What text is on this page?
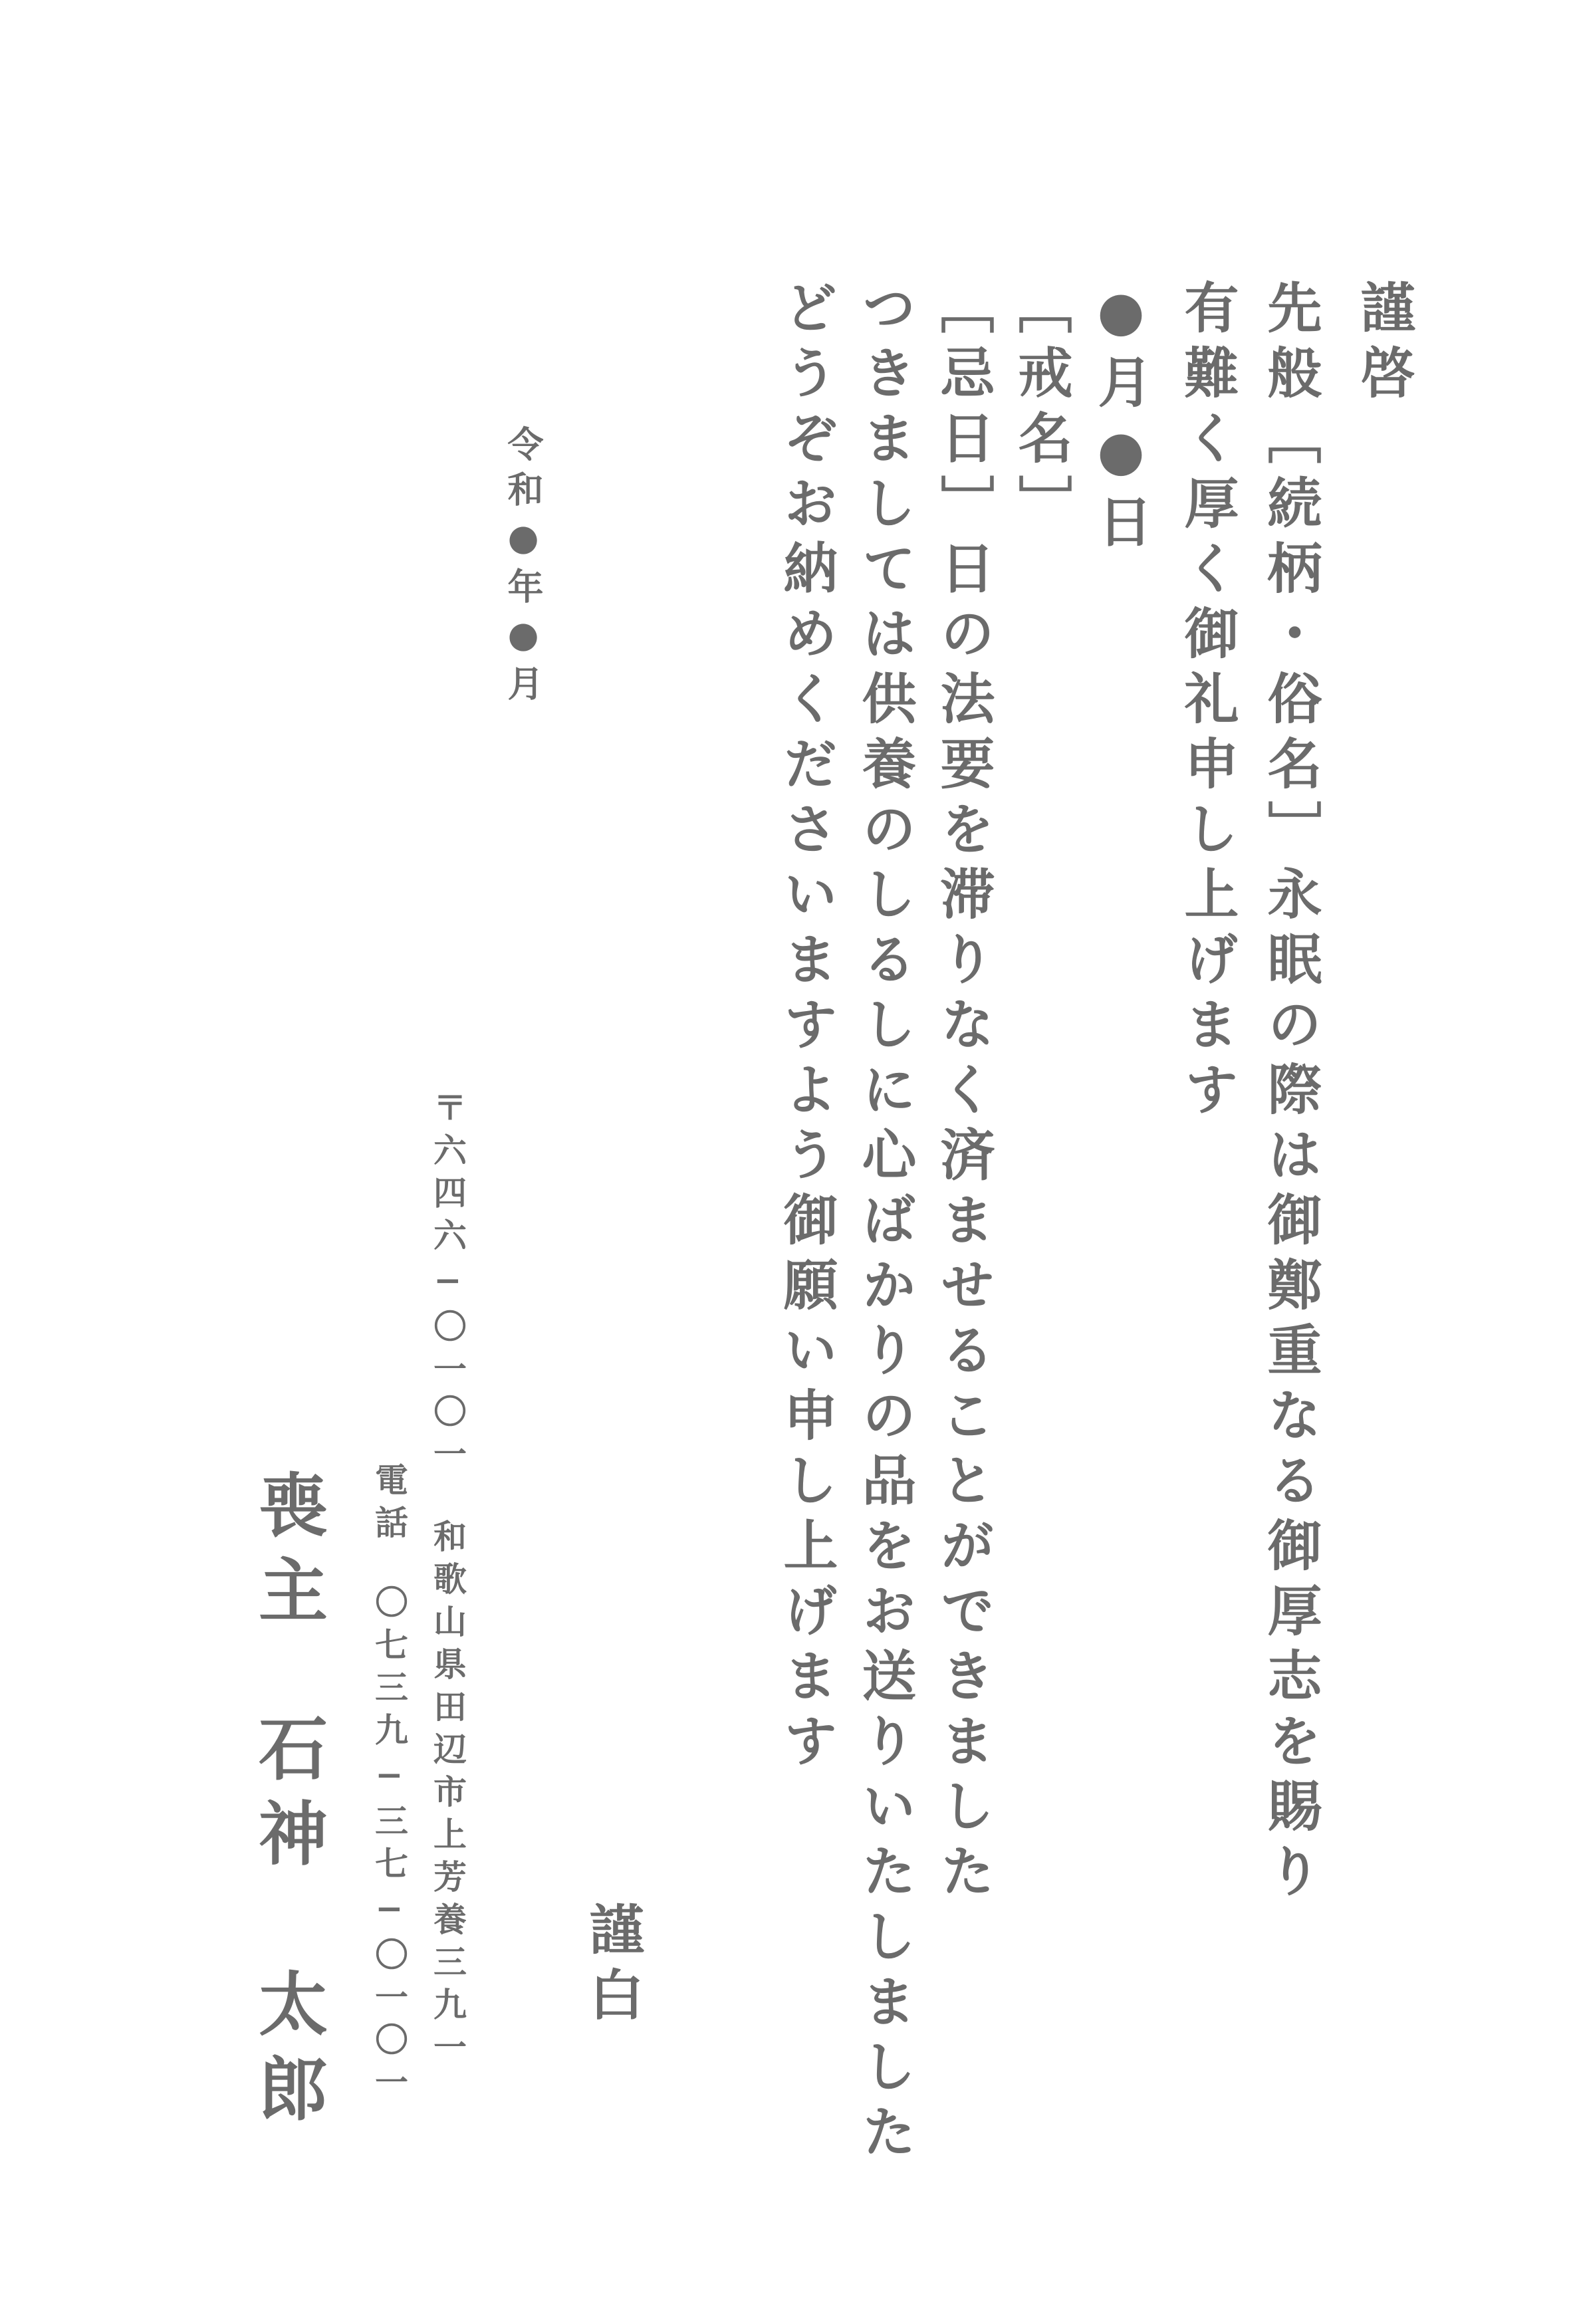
謹啓
先般［続柄・俗名］永眠の際は御鄭重なる御厚志を賜り
有難く厚く御礼申し上げます
●月●日
［戒名］
［忌日］日の法要を滞りなく済ませることができました
つきましては供養のしるしに心ばかりの品をお送りいたしました
どうぞお納めくださいますよう御願い申し上げます
令和●年●月
謹白
〒六四六−〇一〇一和歌山県田辺市上芳養三九一
電話〇七三九−三七−〇一〇一
喪主石神　太郎
